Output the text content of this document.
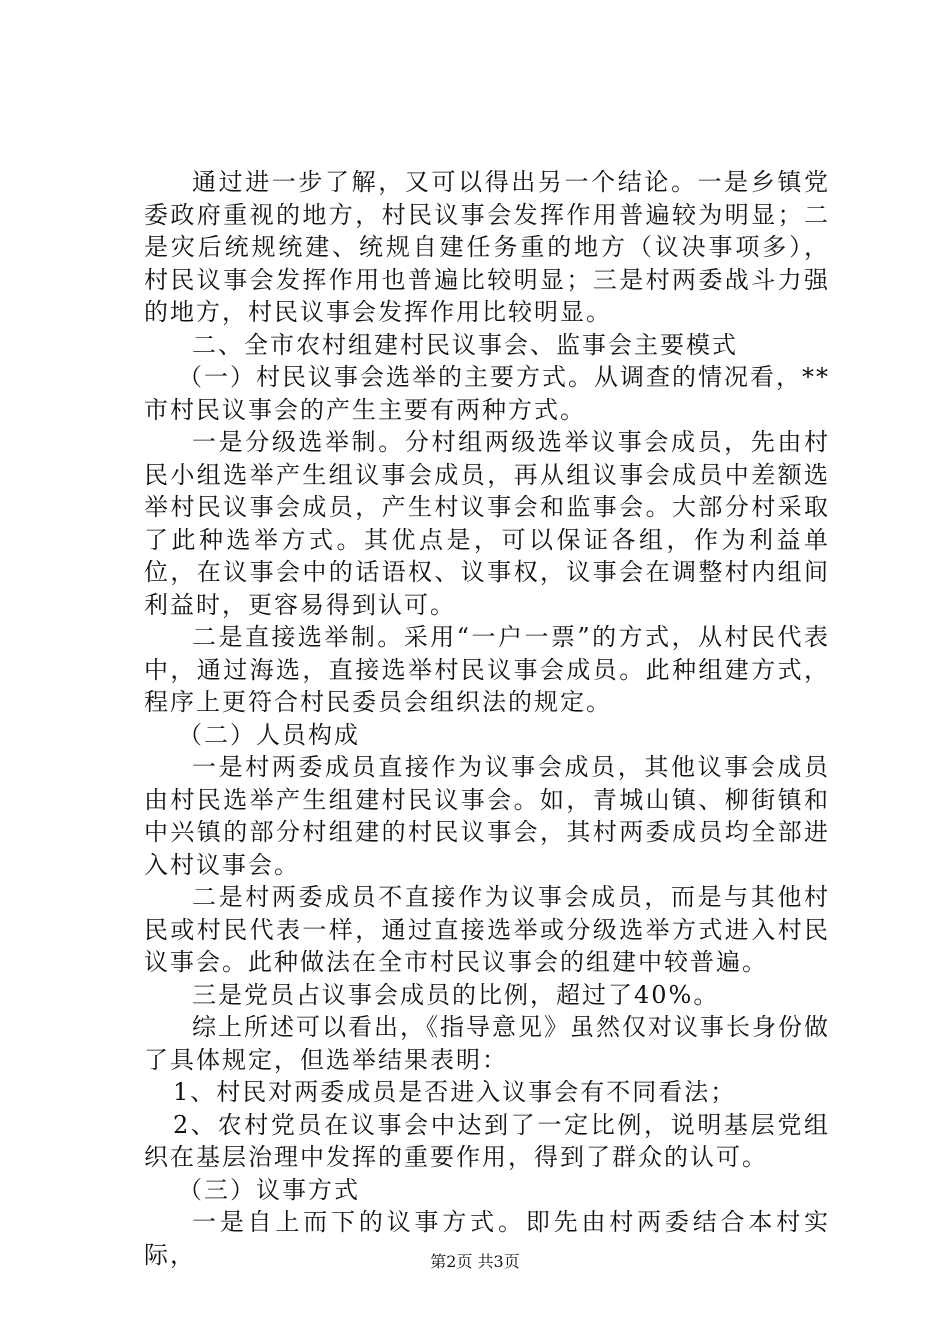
通过进一步了解，又可以得出另一个结论。一是乡镇党委政府重视的地方，村民议事会发挥作用普遍较为明显；二是灾后统规统建、统规自建任务重的地方（议决事项多），村民议事会发挥作用也普遍比较明显；三是村两委战斗力强的地方，村民议事会发挥作用比较明显。

二、全市农村组建村民议事会、监事会主要模式

（一）村民议事会选举的主要方式。从调查的情况看，**市村民议事会的产生主要有两种方式。

一是分级选举制。分村组两级选举议事会成员，先由村民小组选举产生组议事会成员，再从组议事会成员中差额选举村民议事会成员，产生村议事会和监事会。大部分村采取了此种选举方式。其优点是，可以保证各组，作为利益单位，在议事会中的话语权、议事权，议事会在调整村内组间利益时，更容易得到认可。

二是直接选举制。采用“一户一票”的方式，从村民代表中，通过海选，直接选举村民议事会成员。此种组建方式，程序上更符合村民委员会组织法的规定。

（二）人员构成

一是村两委成员直接作为议事会成员，其他议事会成员由村民选举产生组建村民议事会。如，青城山镇、柳街镇和中兴镇的部分村组建的村民议事会，其村两委成员均全部进入村议事会。

二是村两委成员不直接作为议事会成员，而是与其他村民或村民代表一样，通过直接选举或分级选举方式进入村民议事会。此种做法在全市村民议事会的组建中较普遍。

三是党员占议事会成员的比例，超过了40%。

综上所述可以看出，《指导意见》虽然仅对议事长身份做了具体规定，但选举结果表明：

1、村民对两委成员是否进入议事会有不同看法；

2、农村党员在议事会中达到了一定比例，说明基层党组织在基层治理中发挥的重要作用，得到了群众的认可。

（三）议事方式

一是自上而下的议事方式。即先由村两委结合本村实际，	第2页 共3页
